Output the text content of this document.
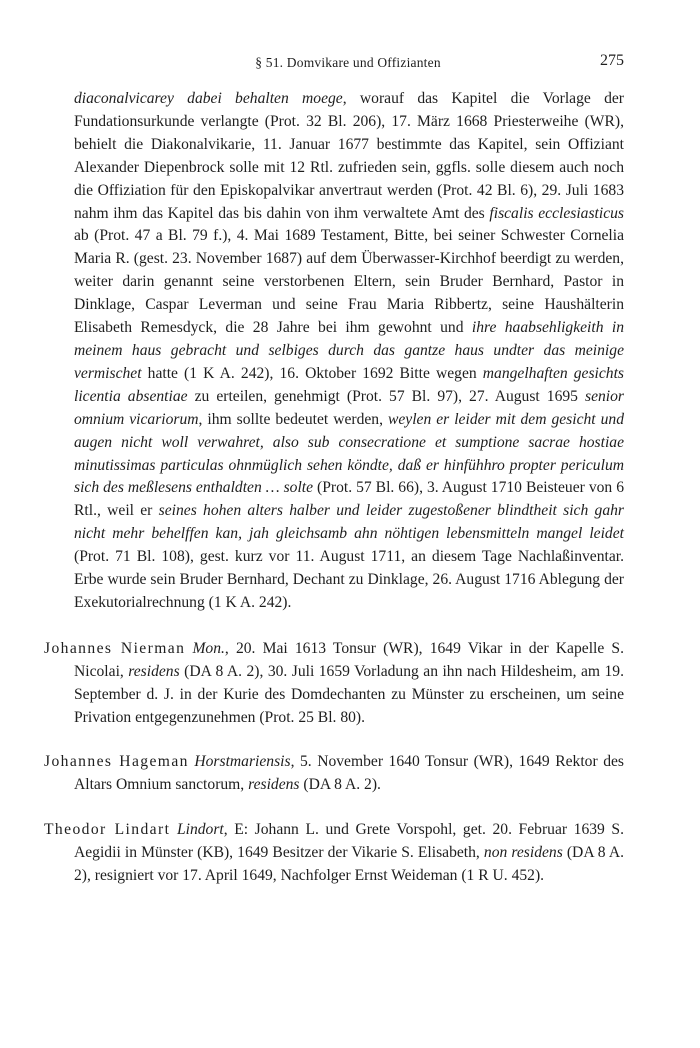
§ 51. Domvikare und Offizianten	275

diaconalvicarey dabei behalten moege, worauf das Kapitel die Vorlage der Fundationsurkunde verlangte (Prot. 32 Bl. 206), 17. März 1668 Priesterweihe (WR), behielt die Diakonalvikarie, 11. Januar 1677 bestimmte das Kapitel, sein Offiziant Alexander Diepenbrock solle mit 12 Rtl. zufrieden sein, ggfls. solle diesem auch noch die Offiziation für den Episkopalvikar anvertraut werden (Prot. 42 Bl. 6), 29. Juli 1683 nahm ihm das Kapitel das bis dahin von ihm verwaltete Amt des fiscalis ecclesiasticus ab (Prot. 47 a Bl. 79 f.), 4. Mai 1689 Testament, Bitte, bei seiner Schwester Cornelia Maria R. (gest. 23. November 1687) auf dem Überwasser-Kirchhof beerdigt zu werden, weiter darin genannt seine verstorbenen Eltern, sein Bruder Bernhard, Pastor in Dinklage, Caspar Leverman und seine Frau Maria Ribbertz, seine Haushälterin Elisabeth Remesdyck, die 28 Jahre bei ihm gewohnt und ihre haabsehligkeith in meinem haus gebracht und selbiges durch das gantze haus undter das meinige vermischet hatte (1 K A. 242), 16. Oktober 1692 Bitte wegen mangelhaften gesichts licentia absentiae zu erteilen, genehmigt (Prot. 57 Bl. 97), 27. August 1695 senior omnium vicariorum, ihm sollte bedeutet werden, weylen er leider mit dem gesicht und augen nicht woll verwahret, also sub consecratione et sumptione sacrae hostiae minutissimas particulas ohnmüglich sehen köndte, daß er hinfühhro propter periculum sich des meßlesens enthaldten … solte (Prot. 57 Bl. 66), 3. August 1710 Beisteuer von 6 Rtl., weil er seines hohen alters halber und leider zugestoßener blindtheit sich gahr nicht mehr behelffen kan, jah gleichsamb ahn nöhtigen lebensmitteln mangel leidet (Prot. 71 Bl. 108), gest. kurz vor 11. August 1711, an diesem Tage Nachlaßinventar. Erbe wurde sein Bruder Bernhard, Dechant zu Dinklage, 26. August 1716 Ablegung der Exekutorialrechnung (1 K A. 242).

Johannes Nierman Mon., 20. Mai 1613 Tonsur (WR), 1649 Vikar in der Kapelle S. Nicolai, residens (DA 8 A. 2), 30. Juli 1659 Vorladung an ihn nach Hildesheim, am 19. September d. J. in der Kurie des Domdechanten zu Münster zu erscheinen, um seine Privation entgegenzunehmen (Prot. 25 Bl. 80).

Johannes Hageman Horstmariensis, 5. November 1640 Tonsur (WR), 1649 Rektor des Altars Omnium sanctorum, residens (DA 8 A. 2).

Theodor Lindart Lindort, E: Johann L. und Grete Vorspohl, get. 20. Februar 1639 S. Aegidii in Münster (KB), 1649 Besitzer der Vikarie S. Elisabeth, non residens (DA 8 A. 2), resigniert vor 17. April 1649, Nachfolger Ernst Weideman (1 R U. 452).
